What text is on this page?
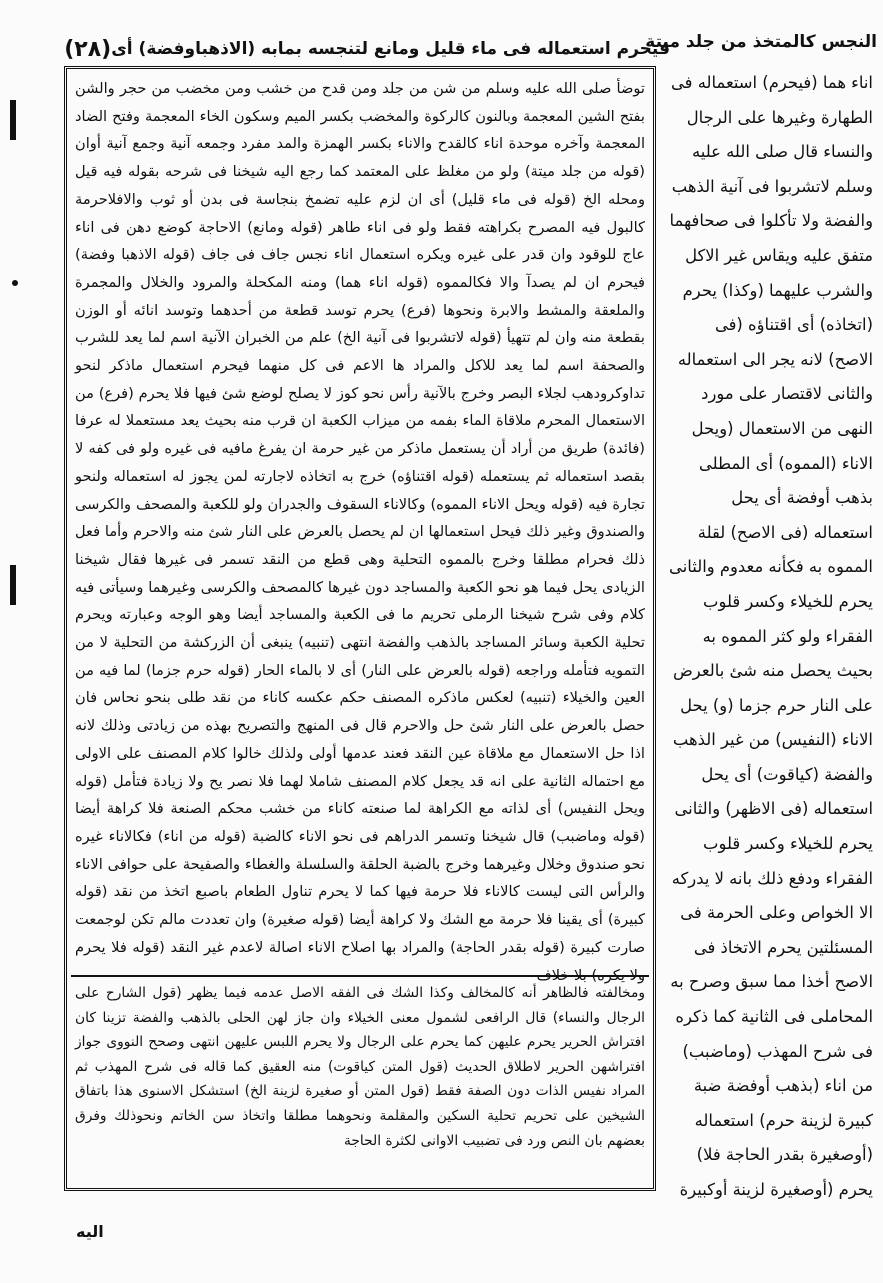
فيحرم استعماله فى ماء قليل ومانع لتنجسه بمابه (الاذهباوفضة) أى
(٢٨)	النجس كالمتخذ من جلد ميتة

توضأ صلى الله عليه وسلم من شن من جلد ومن قدح من خشب ومن مخضب من حجر والشن بفتح الشين المعجمة وبالنون كالركوة والمخضب بكسر الميم وسكون الخاء المعجمة وفتح الضاد المعجمة وآخره موحدة اناء كالقدح والاناء بكسر الهمزة والمد مفرد وجمعه آنية وجمع آنية أوان (قوله من جلد ميتة) ولو من مغلظ على المعتمد كما رجع اليه شيخنا فى شرحه بقوله فيه قيل ومحله الخ (قوله فى ماء قليل) أى ان لزم عليه تضمخ بنجاسة فى بدن أو ثوب والافلاحرمة كالبول فيه المصرح بكراهته فقط ولو فى اناء طاهر (قوله ومانع) الاحاجة كوضع دهن فى اناء عاج للوقود وان قدر على غيره ويكره استعمال اناء نجس جاف فى جاف (قوله الاذهبا وفضة) فيحرم ان لم يصدآ والا فكالمموه (قوله اناء هما) ومنه المكحلة والمرود والخلال والمجمرة والملعقة والمشط والابرة ونحوها (فرع) يحرم توسد قطعة من أحدهما وتوسد انائه أو الوزن بقطعة منه وان لم تتهيأ (قوله لاتشربوا فى آنية الخ) علم من الخبران الآنية اسم لما يعد للشرب والصحفة اسم لما يعد للاكل والمراد ها الاعم فى كل منهما فيحرم استعمال ماذكر لنحو تداوكرودهب لجلاء البصر وخرج بالآنية رأس نحو كوز لا يصلح لوضع شئ فيها فلا يحرم (فرع) من الاستعمال المحرم ملاقاة الماء بفمه من ميزاب الكعبة ان قرب منه بحيث يعد مستعملا له عرفا (فائدة) طريق من أراد أن يستعمل ماذكر من غير حرمة ان يفرغ مافيه فى غيره ولو فى كفه لا بقصد استعماله ثم يستعمله (قوله اقتناؤه) خرج به اتخاذه لاجارته لمن يجوز له استعماله ولنحو تجارة فيه (قوله ويحل الاناء المموه) وكالاناء السقوف والجدران ولو للكعبة والمصحف والكرسى والصندوق وغير ذلك فيحل استعمالها ان لم يحصل بالعرض على النار شئ منه والاحرم وأما فعل ذلك فحرام مطلقا وخرج بالمموه التحلية وهى قطع من النقد تسمر فى غيرها فقال شيخنا الزيادى يحل فيما هو نحو الكعبة والمساجد دون غيرها كالمصحف والكرسى وغيرهما وسيأتى فيه كلام وفى شرح شيخنا الرملى تحريم ما فى الكعبة والمساجد أيضا وهو الوجه وعبارته ويحرم تحلية الكعبة وسائر المساجد بالذهب والفضة انتهى (تنبيه) ينبغى أن الزركشة من التحلية لا من التمويه فتأمله وراجعه (قوله بالعرض على النار) أى لا بالماء الحار (قوله حرم جزما) لما فيه من العين والخيلاء (تنبيه) لعكس ماذكره المصنف حكم عكسه كاناء من نقد طلى بنحو نحاس فان حصل بالعرض على النار شئ حل والاحرم قال فى المنهج والتصريح بهذه من زيادتى وذلك لانه اذا حل الاستعمال مع ملاقاة عين النقد فعند عدمها أولى ولذلك خالوا كلام المصنف على الاولى مع احتماله الثانية على انه قد يجعل كلام المصنف شاملا لهما فلا نصر يح ولا زيادة فتأمل (قوله ويحل النفيس) أى لذاته مع الكراهة لما صنعته كاناء من خشب محكم الصنعة فلا كراهة أيضا (قوله وماضبب) قال شيخنا وتسمر الدراهم فى نحو الاناء كالضبة (قوله من اناء) فكالاناء غيره نحو صندوق وخلال وغيرهما وخرج بالضبة الحلقة والسلسلة والغطاء والصفيحة على حوافى الاناء والرأس التى ليست كالاناء فلا حرمة فيها كما لا يحرم تناول الطعام باصبع اتخذ من نقد (قوله كبيرة) أى يقينا فلا حرمة مع الشك ولا كراهة أيضا (قوله صغيرة) وان تعددت مالم تكن لوجمعت صارت كبيرة (قوله بقدر الحاجة) والمراد بها اصلاح الاناء اصالة لاعدم غير النقد (قوله فلا يحرم ولا يكره) بلا خلاف

ومخالفته فالظاهر أنه كالمخالف وكذا الشك فى الفقه الاصل عدمه فيما يظهر (قول الشارح على الرجال والنساء) قال الرافعى لشمول معنى الخيلاء وان جاز لهن الحلى بالذهب والفضة تزينا كان افتراش الحرير يحرم عليهن كما يحرم على الرجال ولا يحرم اللبس عليهن انتهى وصحح النووى جواز افتراشهن الحرير لاطلاق الحديث (قول المتن كياقوت) منه العقيق كما قاله فى شرح المهذب ثم المراد نفيس الذات دون الصفة فقط (قول المتن أو صغيرة لزينة الخ) استشكل الاسنوى هذا باتفاق الشيخين على تحريم تحلية السكين والمقلمة ونحوهما مطلقا واتخاذ سن الخاتم ونحوذلك وفرق بعضهم بان النص ورد فى تضبيب الاوانى لكثرة الحاجة

اناء هما (فيحرم) استعماله فى الطهارة وغيرها على الرجال والنساء قال صلى الله عليه وسلم لاتشربوا فى آنية الذهب والفضة ولا تأكلوا فى صحافهما متفق عليه ويقاس غير الاكل والشرب عليهما (وكذا) يحرم (اتخاذه) أى اقتناؤه (فى الاصح) لانه يجر الى استعماله والثانى لاقتصار على مورد النهى من الاستعمال (ويحل الاناء (المموه) أى المطلى بذهب أوفضة أى يحل استعماله (فى الاصح) لقلة المموه به فكأنه معدوم والثانى يحرم للخيلاء وكسر قلوب الفقراء ولو كثر المموه به بحيث يحصل منه شئ بالعرض على النار حرم جزما (و) يحل الاناء (النفيس) من غير الذهب والفضة (كياقوت) أى يحل استعماله (فى الاظهر) والثانى يحرم للخيلاء وكسر قلوب الفقراء ودفع ذلك بانه لا يدركه الا الخواص وعلى الحرمة فى المسئلتين يحرم الاتخاذ فى الاصح أخذا مما سبق وصرح به المحاملى فى الثانية كما ذكره فى شرح المهذب (وماضبب) من اناء (بذهب أوفضة ضبة كبيرة لزينة حرم) استعماله (أوصغيرة بقدر الحاجة فلا) يحرم (أوصغيرة لزينة أوكبيرة

اليه
